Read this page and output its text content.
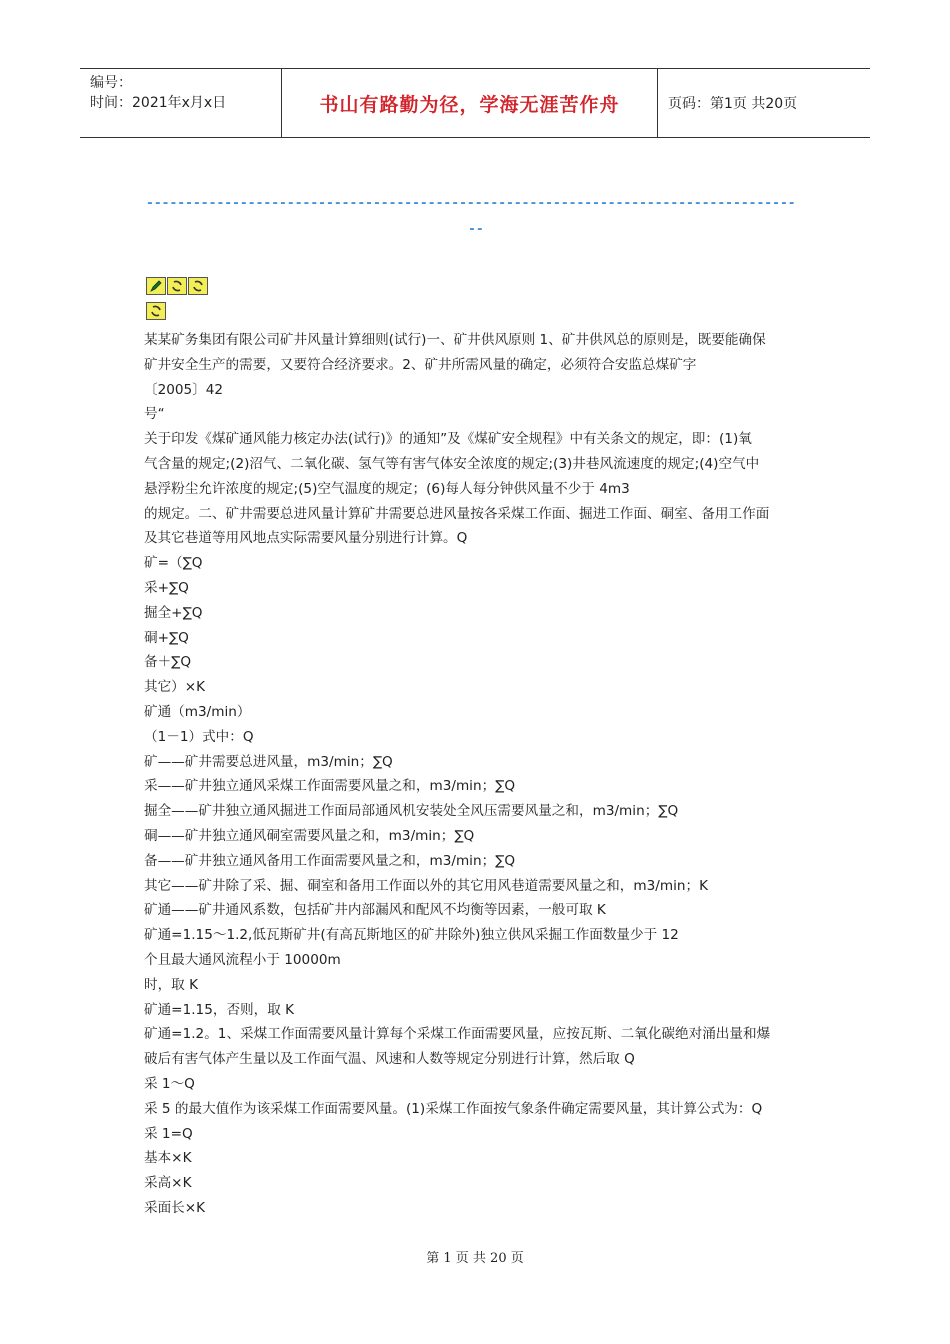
编号：
时间：2021年x月x日	书山有路勤为径，学海无涯苦作舟	页码：第1页 共20页
-----------------------------------------------------------------------------------
--

某某矿务集团有限公司矿井风量计算细则(试行)一、矿井供风原则 1、矿井供风总的原则是，既要能确保

矿井安全生产的需要，又要符合经济要求。2、矿井所需风量的确定，必须符合安监总煤矿字

〔2005〕42

号“

关于印发《煤矿通风能力核定办法(试行)》的通知”及《煤矿安全规程》中有关条文的规定，即：(1)氧

气含量的规定;(2)沼气、二氧化碳、氢气等有害气体安全浓度的规定;(3)井巷风流速度的规定;(4)空气中

悬浮粉尘允许浓度的规定;(5)空气温度的规定；(6)每人每分钟供风量不少于 4m3

的规定。二、矿井需要总进风量计算矿井需要总进风量按各采煤工作面、掘进工作面、硐室、备用工作面

及其它巷道等用风地点实际需要风量分别进行计算。Q

矿=（∑Q

采+∑Q

掘全+∑Q

硐+∑Q

备＋∑Q

其它）×K

矿通（m3/min）

（1－1）式中：Q

矿——矿井需要总进风量，m3/min；∑Q

采——矿井独立通风采煤工作面需要风量之和，m3/min；∑Q

掘全——矿井独立通风掘进工作面局部通风机安装处全风压需要风量之和，m3/min；∑Q

硐——矿井独立通风硐室需要风量之和，m3/min；∑Q

备——矿井独立通风备用工作面需要风量之和，m3/min；∑Q

其它——矿井除了采、掘、硐室和备用工作面以外的其它用风巷道需要风量之和，m3/min；K

矿通——矿井通风系数，包括矿井内部漏风和配风不均衡等因素，一般可取 K

矿通=1.15～1.2,低瓦斯矿井(有高瓦斯地区的矿井除外)独立供风采掘工作面数量少于 12

个且最大通风流程小于 10000m

时，取 K

矿通=1.15，否则，取 K

矿通=1.2。1、采煤工作面需要风量计算每个采煤工作面需要风量，应按瓦斯、二氧化碳绝对涌出量和爆

破后有害气体产生量以及工作面气温、风速和人数等规定分别进行计算，然后取 Q

采 1～Q

采 5 的最大值作为该采煤工作面需要风量。(1)采煤工作面按气象条件确定需要风量，其计算公式为：Q

采 1=Q

基本×K

采高×K

采面长×K

第 1 页 共 20 页
